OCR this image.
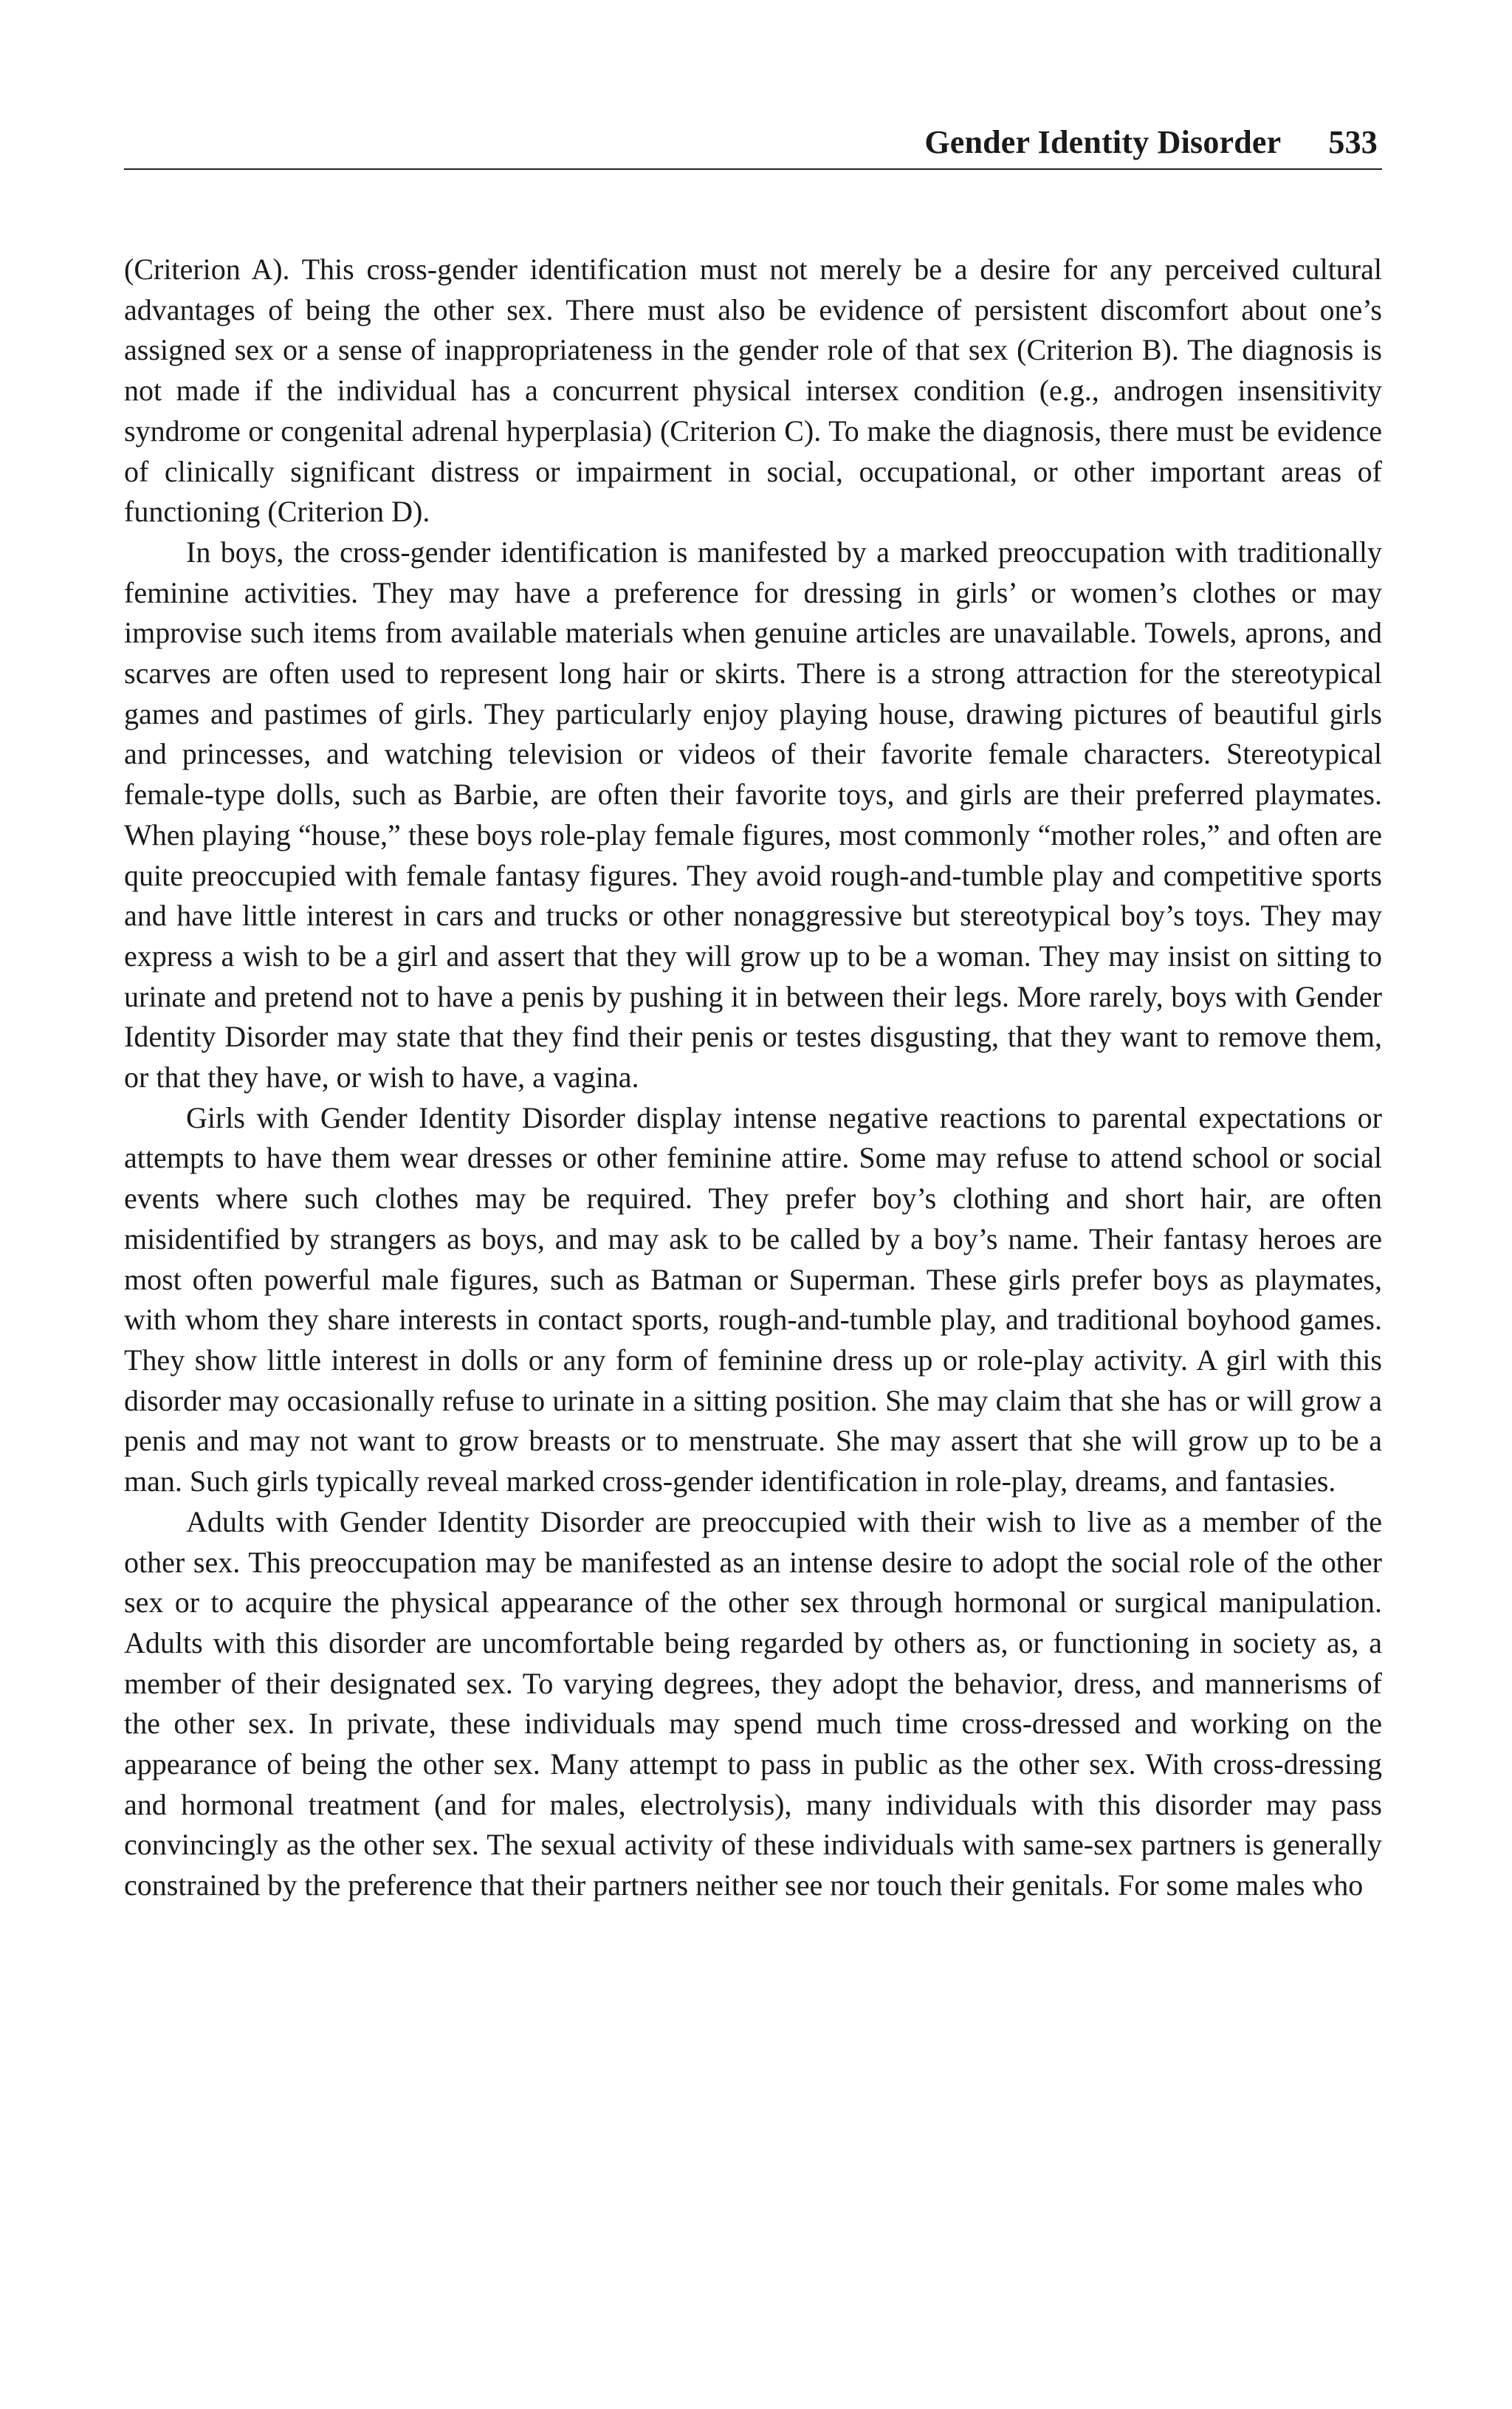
Gender Identity Disorder 533

(Criterion A). This cross-gender identification must not merely be a desire for any perceived cultural advantages of being the other sex. There must also be evidence of persistent discomfort about one’s assigned sex or a sense of inappropriateness in the gender role of that sex (Criterion B). The diagnosis is not made if the individual has a concurrent physical intersex condition (e.g., androgen insensitivity syndrome or congenital adrenal hyperplasia) (Criterion C). To make the diagnosis, there must be evidence of clinically significant distress or impairment in social, occupational, or other important areas of functioning (Criterion D).

In boys, the cross-gender identification is manifested by a marked preoccupation with traditionally feminine activities. They may have a preference for dressing in girls’ or women’s clothes or may improvise such items from available materials when genuine articles are unavailable. Towels, aprons, and scarves are often used to represent long hair or skirts. There is a strong attraction for the stereotypical games and pastimes of girls. They particularly enjoy playing house, drawing pictures of beautiful girls and princesses, and watching television or videos of their favorite female characters. Stereotypical female-type dolls, such as Barbie, are often their favorite toys, and girls are their preferred playmates. When playing “house,” these boys role-play female figures, most commonly “mother roles,” and often are quite preoccupied with female fantasy figures. They avoid rough-and-tumble play and competitive sports and have little interest in cars and trucks or other nonaggressive but stereotypical boy’s toys. They may express a wish to be a girl and assert that they will grow up to be a woman. They may insist on sitting to urinate and pretend not to have a penis by pushing it in between their legs. More rarely, boys with Gender Identity Disorder may state that they find their penis or testes disgusting, that they want to remove them, or that they have, or wish to have, a vagina.

Girls with Gender Identity Disorder display intense negative reactions to parental expectations or attempts to have them wear dresses or other feminine attire. Some may refuse to attend school or social events where such clothes may be required. They prefer boy’s clothing and short hair, are often misidentified by strangers as boys, and may ask to be called by a boy’s name. Their fantasy heroes are most often powerful male figures, such as Batman or Superman. These girls prefer boys as playmates, with whom they share interests in contact sports, rough-and-tumble play, and traditional boyhood games. They show little interest in dolls or any form of feminine dress up or role-play activity. A girl with this disorder may occasionally refuse to urinate in a sitting position. She may claim that she has or will grow a penis and may not want to grow breasts or to menstruate. She may assert that she will grow up to be a man. Such girls typically reveal marked cross-gender identification in role-play, dreams, and fantasies.

Adults with Gender Identity Disorder are preoccupied with their wish to live as a member of the other sex. This preoccupation may be manifested as an intense desire to adopt the social role of the other sex or to acquire the physical appearance of the other sex through hormonal or surgical manipulation. Adults with this disorder are uncomfortable being regarded by others as, or functioning in society as, a member of their designated sex. To varying degrees, they adopt the behavior, dress, and mannerisms of the other sex. In private, these individuals may spend much time cross-dressed and working on the appearance of being the other sex. Many attempt to pass in public as the other sex. With cross-dressing and hormonal treatment (and for males, electrolysis), many individuals with this disorder may pass convincingly as the other sex. The sexual activity of these individuals with same-sex partners is generally constrained by the preference that their partners neither see nor touch their genitals. For some males who
